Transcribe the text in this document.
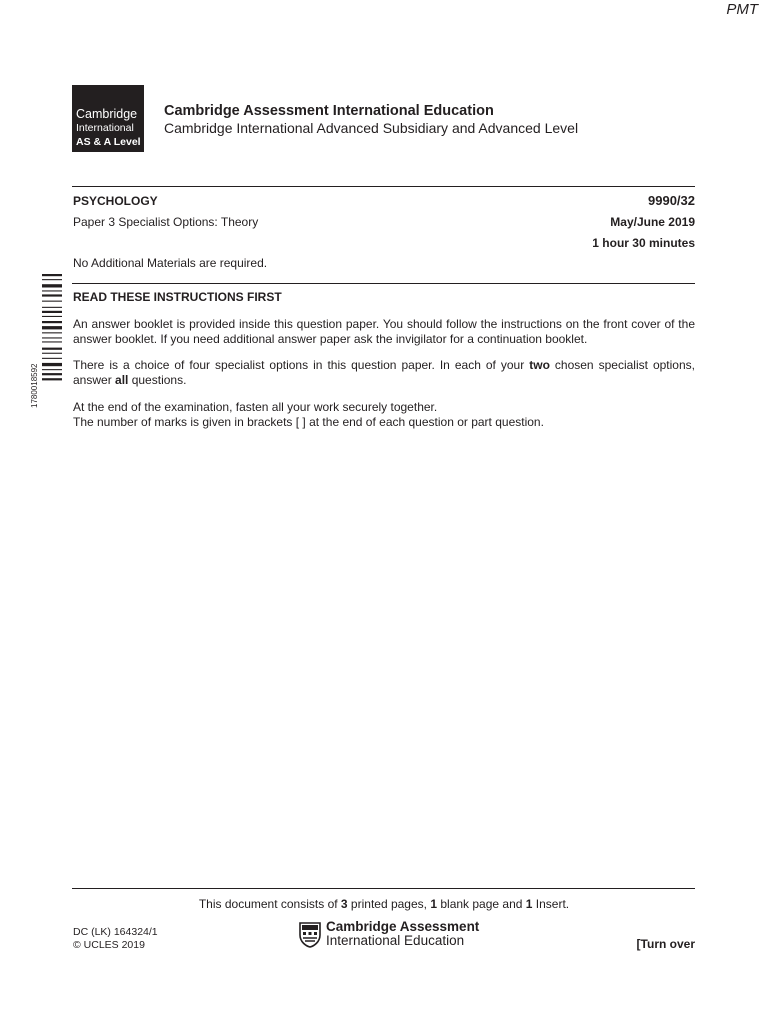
PMT
Cambridge
International
AS & A Level
Cambridge Assessment International Education
Cambridge International Advanced Subsidiary and Advanced Level
PSYCHOLOGY	9990/32
Paper 3 Specialist Options: Theory	May/June 2019
1 hour 30 minutes
No Additional Materials are required.
1780018592
READ THESE INSTRUCTIONS FIRST
An answer booklet is provided inside this question paper. You should follow the instructions on the front cover of the answer booklet. If you need additional answer paper ask the invigilator for a continuation booklet.
There is a choice of four specialist options in this question paper. In each of your two chosen specialist options, answer all questions.
At the end of the examination, fasten all your work securely together.
The number of marks is given in brackets [ ] at the end of each question or part question.
This document consists of 3 printed pages, 1 blank page and 1 Insert.
DC (LK) 164324/1
© UCLES 2019
Cambridge Assessment
International Education	[Turn over
